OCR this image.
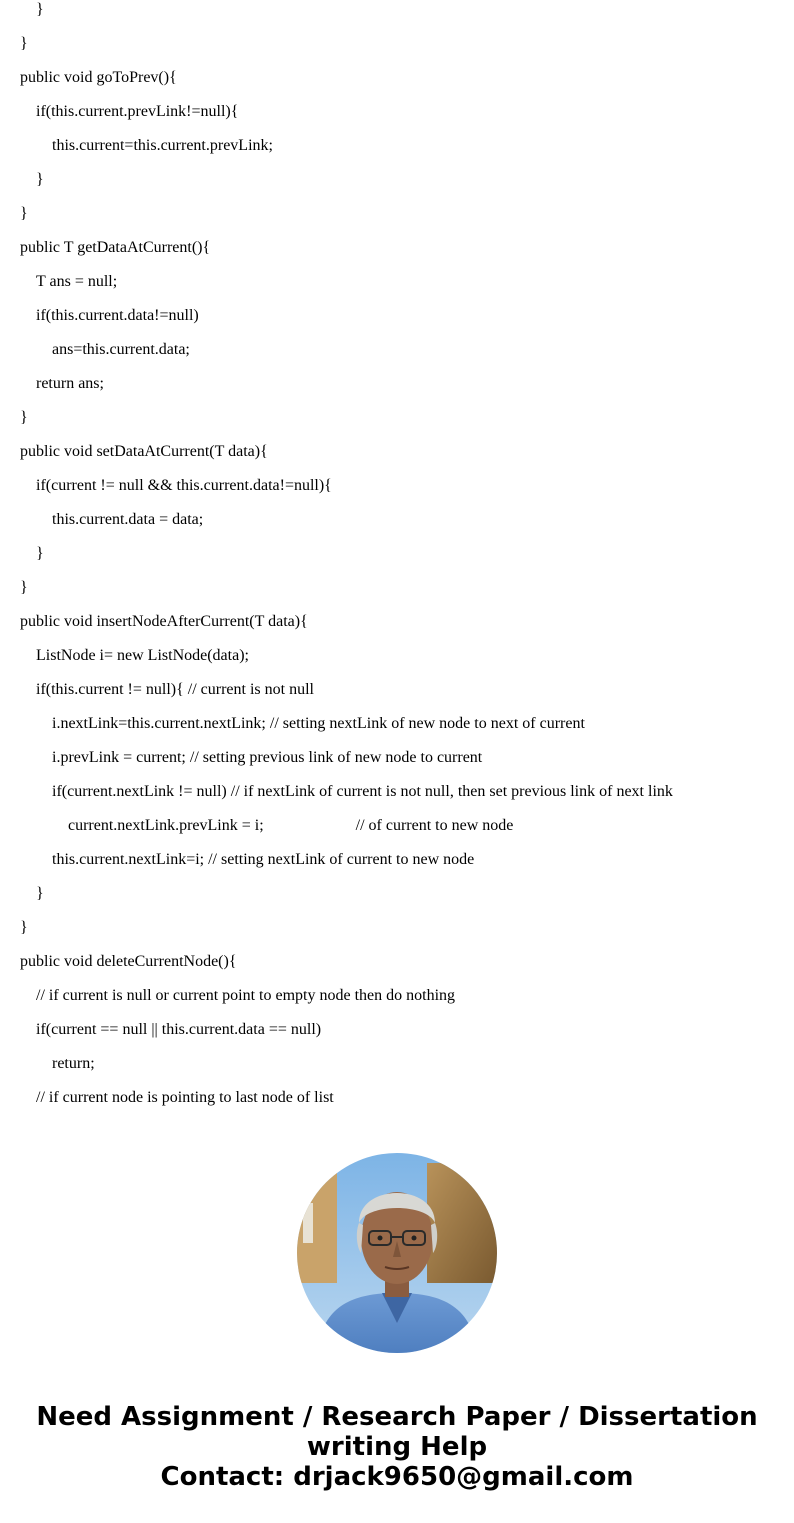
}
}
public void goToPrev(){
if(this.current.prevLink!=null){
this.current=this.current.prevLink;
}
}
public T getDataAtCurrent(){
T ans = null;
if(this.current.data!=null)
ans=this.current.data;
return ans;
}
public void setDataAtCurrent(T data){
if(current != null && this.current.data!=null){
this.current.data = data;
}
}
public void insertNodeAfterCurrent(T data){
ListNode i= new ListNode(data);
if(this.current != null){ // current is not null
i.nextLink=this.current.nextLink; // setting nextLink of new node to next of current
i.prevLink = current; // setting previous link of new node to current
if(current.nextLink != null) // if nextLink of current is not null, then set previous link of next link
current.nextLink.prevLink = i;                       // of current to new node
this.current.nextLink=i; // setting nextLink of current to new node
}
}
public void deleteCurrentNode(){
// if current is null or current point to empty node then do nothing
if(current == null || this.current.data == null)
return;
// if current node is pointing to last node of list
Need Assignment / Research Paper / Dissertation
writing Help
Contact: drjack9650@gmail.com
